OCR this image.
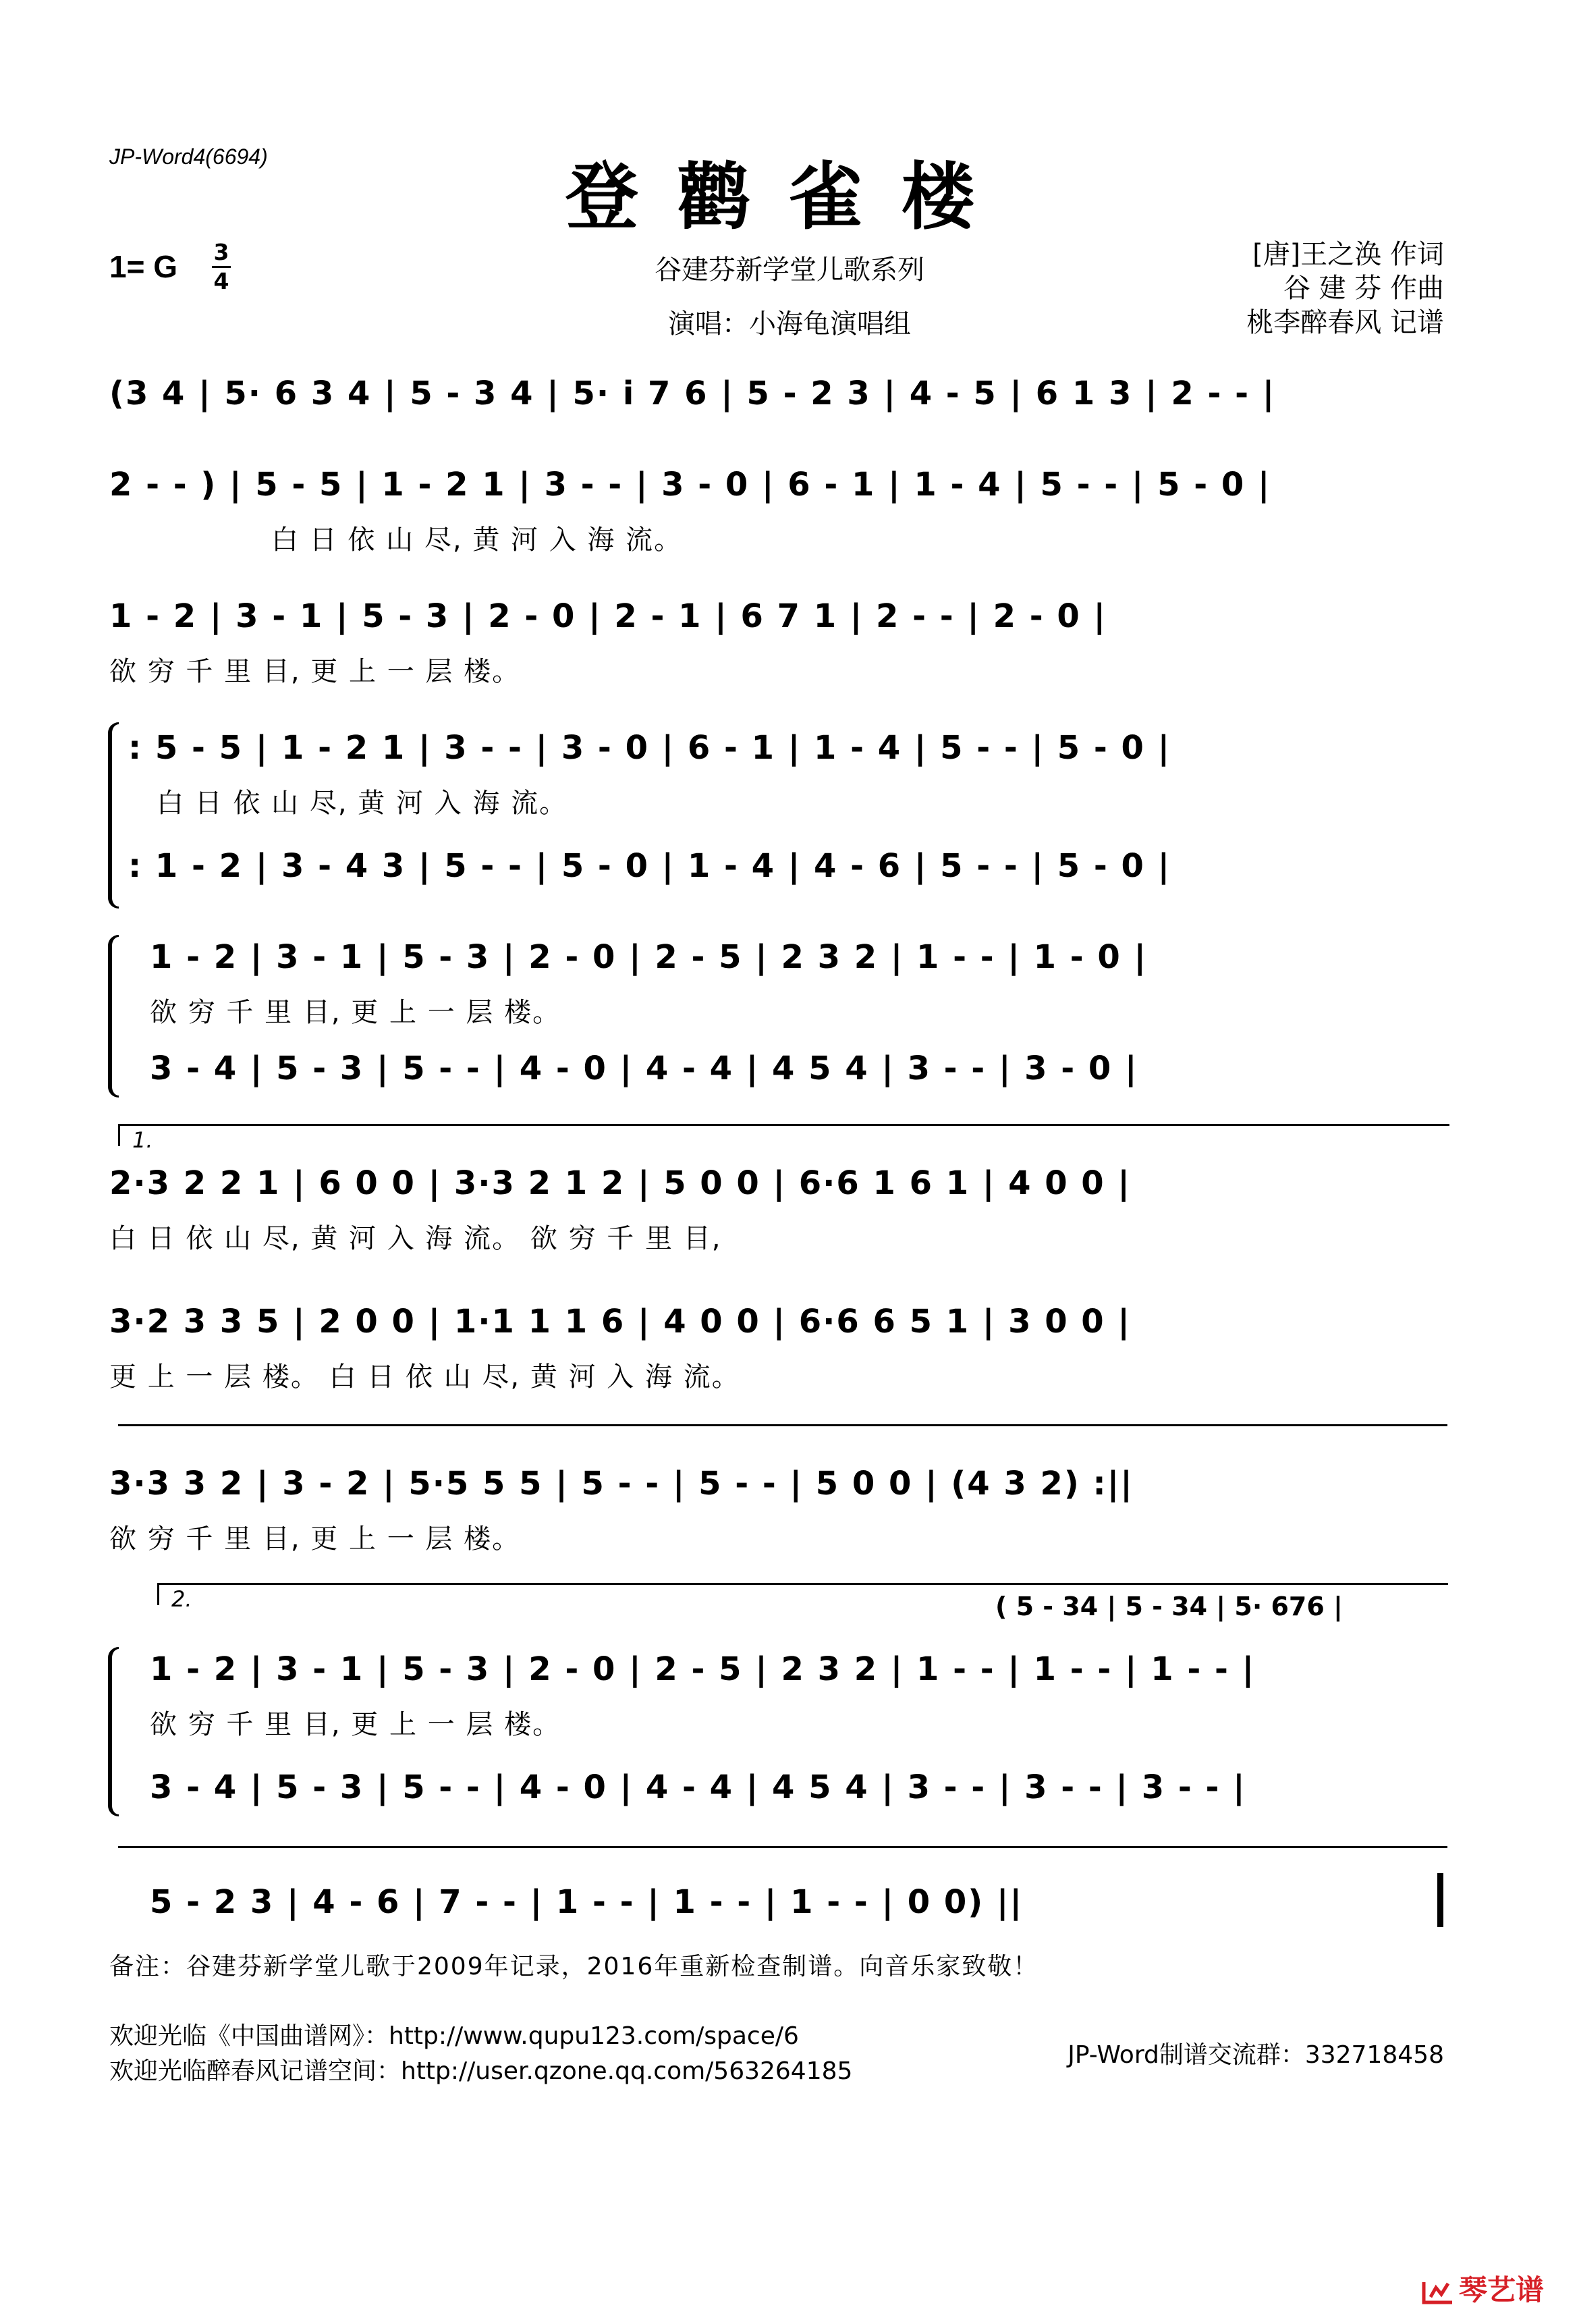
JP-Word4(6694)	登鹳雀楼
1= G 3
4	谷建芬新学堂儿歌系列
演唱：小海龟演唱组
[唐]王之涣 作词
谷 建 芬 作曲
桃李醉春风 记谱
(3 4 | 5· 6 3 4 | 5 - 3 4 | 5· i 7 6 | 5 - 2 3 | 4 - 5 | 6 1 3 | 2 - - |
2 - - ) | 5 - 5 | 1 - 2 1 | 3 - - | 3 - 0 | 6 - 1 | 1 - 4 | 5 - - | 5 - 0 |
白 日 依 山 尽, 黄 河 入 海 流。
1 - 2 | 3 - 1 | 5 - 3 | 2 - 0 | 2 - 1 | 6 7 1 | 2 - - | 2 - 0 |
欲 穷 千 里 目, 更 上 一 层 楼。
: 5 - 5 | 1 - 2 1 | 3 - - | 3 - 0 | 6 - 1 | 1 - 4 | 5 - - | 5 - 0 |
白 日 依 山 尽, 黄 河 入 海 流。
: 1 - 2 | 3 - 4 3 | 5 - - | 5 - 0 | 1 - 4 | 4 - 6 | 5 - - | 5 - 0 |
1 - 2 | 3 - 1 | 5 - 3 | 2 - 0 | 2 - 5 | 2 3 2 | 1 - - | 1 - 0 |
欲 穷 千 里 目, 更 上 一 层 楼。
3 - 4 | 5 - 3 | 5 - - | 4 - 0 | 4 - 4 | 4 5 4 | 3 - - | 3 - 0 |
1.
2·3 2 2 1 | 6 0 0 | 3·3 2 1 2 | 5 0 0 | 6·6 1 6 1 | 4 0 0 |
白 日 依 山 尽, 黄 河 入 海 流。 欲 穷 千 里 目,
3·2 3 3 5 | 2 0 0 | 1·1 1 1 6 | 4 0 0 | 6·6 6 5 1 | 3 0 0 |
更 上 一 层 楼。 白 日 依 山 尽, 黄 河 入 海 流。
3·3 3 2 | 3 - 2 | 5·5 5 5 | 5 - - | 5 - - | 5 0 0 | (4 3 2) :||
欲 穷 千 里 目, 更 上 一 层 楼。
2.	( 5 - 34 | 5 - 34 | 5· 676 |
1 - 2 | 3 - 1 | 5 - 3 | 2 - 0 | 2 - 5 | 2 3 2 | 1 - - | 1 - - | 1 - - |
欲 穷 千 里 目, 更 上 一 层 楼。
3 - 4 | 5 - 3 | 5 - - | 4 - 0 | 4 - 4 | 4 5 4 | 3 - - | 3 - - | 3 - - |
5 - 2 3 | 4 - 6 | 7 - - | 1 - - | 1 - - | 1 - - | 0 0) ||
备注：谷建芬新学堂儿歌于2009年记录，2016年重新检查制谱。向音乐家致敬！
欢迎光临《中国曲谱网》：http://www.qupu123.com/space/6
欢迎光临醉春风记谱空间：http://user.qzone.qq.com/563264185
JP-Word制谱交流群：332718458
琴艺谱
